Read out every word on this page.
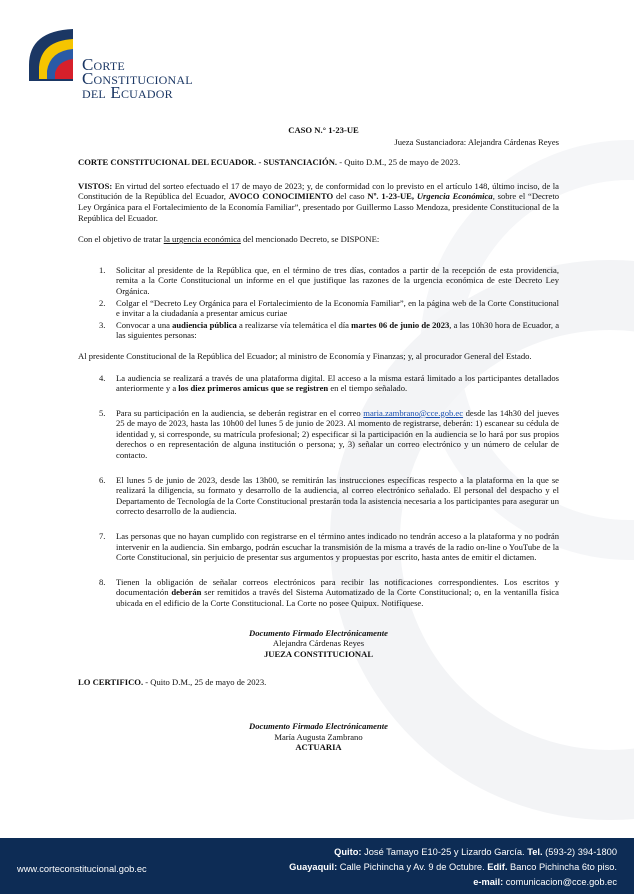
Corte
Constitucional
del Ecuador

CASO N.° 1-23-UE

Jueza Sustanciadora: Alejandra Cárdenas Reyes

CORTE CONSTITUCIONAL DEL ECUADOR. - SUSTANCIACIÓN. - Quito D.M., 25 de mayo de 2023.

VISTOS: En virtud del sorteo efectuado el 17 de mayo de 2023; y, de conformidad con lo previsto en el artículo 148, último inciso, de la Constitución de la República del Ecuador, AVOCO CONOCIMIENTO del caso Nº. 1-23-UE, Urgencia Económica, sobre el “Decreto Ley Orgánica para el Fortalecimiento de la Economía Familiar”, presentado por Guillermo Lasso Mendoza, presidente Constitucional de la República del Ecuador.

Con el objetivo de tratar la urgencia económica del mencionado Decreto, se DISPONE:

1. Solicitar al presidente de la República que, en el término de tres días, contados a partir de la recepción de esta providencia, remita a la Corte Constitucional un informe en el que justifique las razones de la urgencia económica de este Decreto Ley Orgánica.
2. Colgar el “Decreto Ley Orgánica para el Fortalecimiento de la Economía Familiar”, en la página web de la Corte Constitucional e invitar a la ciudadanía a presentar amicus curiae
3. Convocar a una audiencia pública a realizarse vía telemática el día martes 06 de junio de 2023, a las 10h30 hora de Ecuador, a las siguientes personas:

Al presidente Constitucional de la República del Ecuador; al ministro de Economía y Finanzas; y, al procurador General del Estado.

4. La audiencia se realizará a través de una plataforma digital. El acceso a la misma estará limitado a los participantes detallados anteriormente y a los diez primeros amicus que se registren en el tiempo señalado.
5. Para su participación en la audiencia, se deberán registrar en el correo maria.zambrano@cce.gob.ec desde las 14h30 del jueves 25 de mayo de 2023, hasta las 10h00 del lunes 5 de junio de 2023. Al momento de registrarse, deberán: 1) escanear su cédula de identidad y, si corresponde, su matrícula profesional; 2) especificar si la participación en la audiencia se lo hará por sus propios derechos o en representación de alguna institución o persona; y, 3) señalar un correo electrónico y un número de celular de contacto.
6. El lunes 5 de junio de 2023, desde las 13h00, se remitirán las instrucciones específicas respecto a la plataforma en la que se realizará la diligencia, su formato y desarrollo de la audiencia, al correo electrónico señalado. El personal del despacho y el Departamento de Tecnología de la Corte Constitucional prestarán toda la asistencia necesaria a los participantes para asegurar un correcto desarrollo de la audiencia.
7. Las personas que no hayan cumplido con registrarse en el término antes indicado no tendrán acceso a la plataforma y no podrán intervenir en la audiencia. Sin embargo, podrán escuchar la transmisión de la misma a través de la radio on-line o YouTube de la Corte Constitucional, sin perjuicio de presentar sus argumentos y propuestas por escrito, hasta antes de emitir el dictamen.
8. Tienen la obligación de señalar correos electrónicos para recibir las notificaciones correspondientes. Los escritos y documentación deberán ser remitidos a través del Sistema Automatizado de la Corte Constitucional; o, en la ventanilla física ubicada en el edificio de la Corte Constitucional. La Corte no posee Quipux. Notifíquese.

Documento Firmado Electrónicamente

Alejandra Cárdenas Reyes

JUEZA CONSTITUCIONAL

LO CERTIFICO. - Quito D.M., 25 de mayo de 2023.

Documento Firmado Electrónicamente

María Augusta Zambrano

ACTUARIA

www.corteconstitucional.gob.ec
Quito: José Tamayo E10-25 y Lizardo García. Tel. (593-2) 394-1800
Guayaquil: Calle Pichincha y Av. 9 de Octubre. Edif. Banco Pichincha 6to piso.
e-mail: comunicacion@cce.gob.ec
